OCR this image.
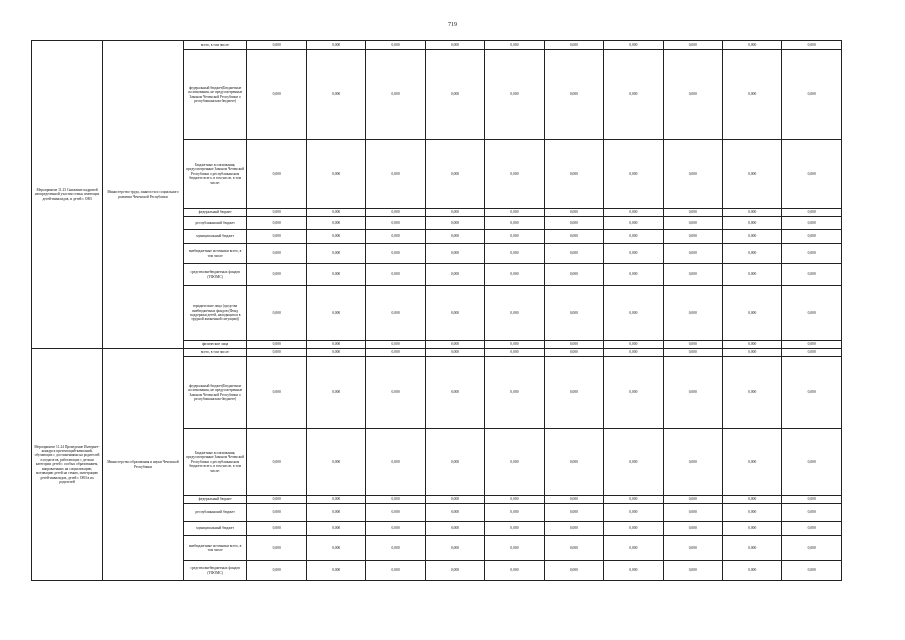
719
Мероприятие 11.23 Снижение кадровой неопределенной участия семьи, имеющих детей-инвалидов, и детей с ОВЗ	Министерство труда, занятости и социального развития Чеченской Республики	всего, в том числе:	0,000	0,000	0,000	0,000	0,000	0,000	0,000	0,000	0,000	0,000
		федеральный бюджет(Бюджетные ассигнования, не предусмотренные Законом Чеченской Республики о республиканском бюджете)	0,000	0,000	0,000	0,000	0,000	0,000	0,000	0,000	0,000	0,000
		Бюджетные ассигнования, предусмотренные Законом Чеченской Республики о республиканском бюджете всего, в том числе, в том числе:	0,000	0,000	0,000	0,000	0,000	0,000	0,000	0,000	0,000	0,000
		федеральный бюджет	0,000	0,000	0,000	0,000	0,000	0,000	0,000	0,000	0,000	0,000
		республиканский бюджет	0,000	0,000	0,000	0,000	0,000	0,000	0,000	0,000	0,000	0,000
		муниципальный бюджет	0,000	0,000	0,000	0,000	0,000	0,000	0,000	0,000	0,000	0,000
		внебюджетные источники всего, в том числе	0,000	0,000	0,000	0,000	0,000	0,000	0,000	0,000	0,000	0,000
		средства внебюджетных фондов (ТФОМС)	0,000	0,000	0,000	0,000	0,000	0,000	0,000	0,000	0,000	0,000
		юридические лица (средства внебюджетных фондов (Фонд поддержки детей, находящихся в трудной жизненной ситуации))	0,000	0,000	0,000	0,000	0,000	0,000	0,000	0,000	0,000	0,000
		физические лица	0,000	0,000	0,000	0,000	0,000	0,000	0,000	0,000	0,000	0,000
Мероприятие 11.24 Проведение Интернет-конкурса презентаций-кампаний, обучающих с достижениями на родителей и педагогов, работающих с детьми категории детей с особых образованием, направленных на социализацию, мотивацию детей на семью, интеграцию детей-инвалидов, детей с ОВЗ в их родителей	Министерство образования и науки Чеченской Республики	всего, в том числе:	0,000	0,000	0,000	0,000	0,000	0,000	0,000	0,000	0,000	0,000
		федеральный бюджет(Бюджетные ассигнования, не предусмотренные Законом Чеченской Республики о республиканском бюджете)	0,000	0,000	0,000	0,000	0,000	0,000	0,000	0,000	0,000	0,000
		Бюджетные ассигнования, предусмотренные Законом Чеченской Республики о республиканском бюджете всего, в том числе, в том числе:	0,000	0,000	0,000	0,000	0,000	0,000	0,000	0,000	0,000	0,000
		федеральный бюджет	0,000	0,000	0,000	0,000	0,000	0,000	0,000	0,000	0,000	0,000
		республиканский бюджет	0,000	0,000	0,000	0,000	0,000	0,000	0,000	0,000	0,000	0,000
		муниципальный бюджет	0,000	0,000	0,000	0,000	0,000	0,000	0,000	0,000	0,000	0,000
		внебюджетные источники всего, в том числе	0,000	0,000	0,000	0,000	0,000	0,000	0,000	0,000	0,000	0,000
		средства внебюджетных фондов (ТФОМС)	0,000	0,000	0,000	0,000	0,000	0,000	0,000	0,000	0,000	0,000
